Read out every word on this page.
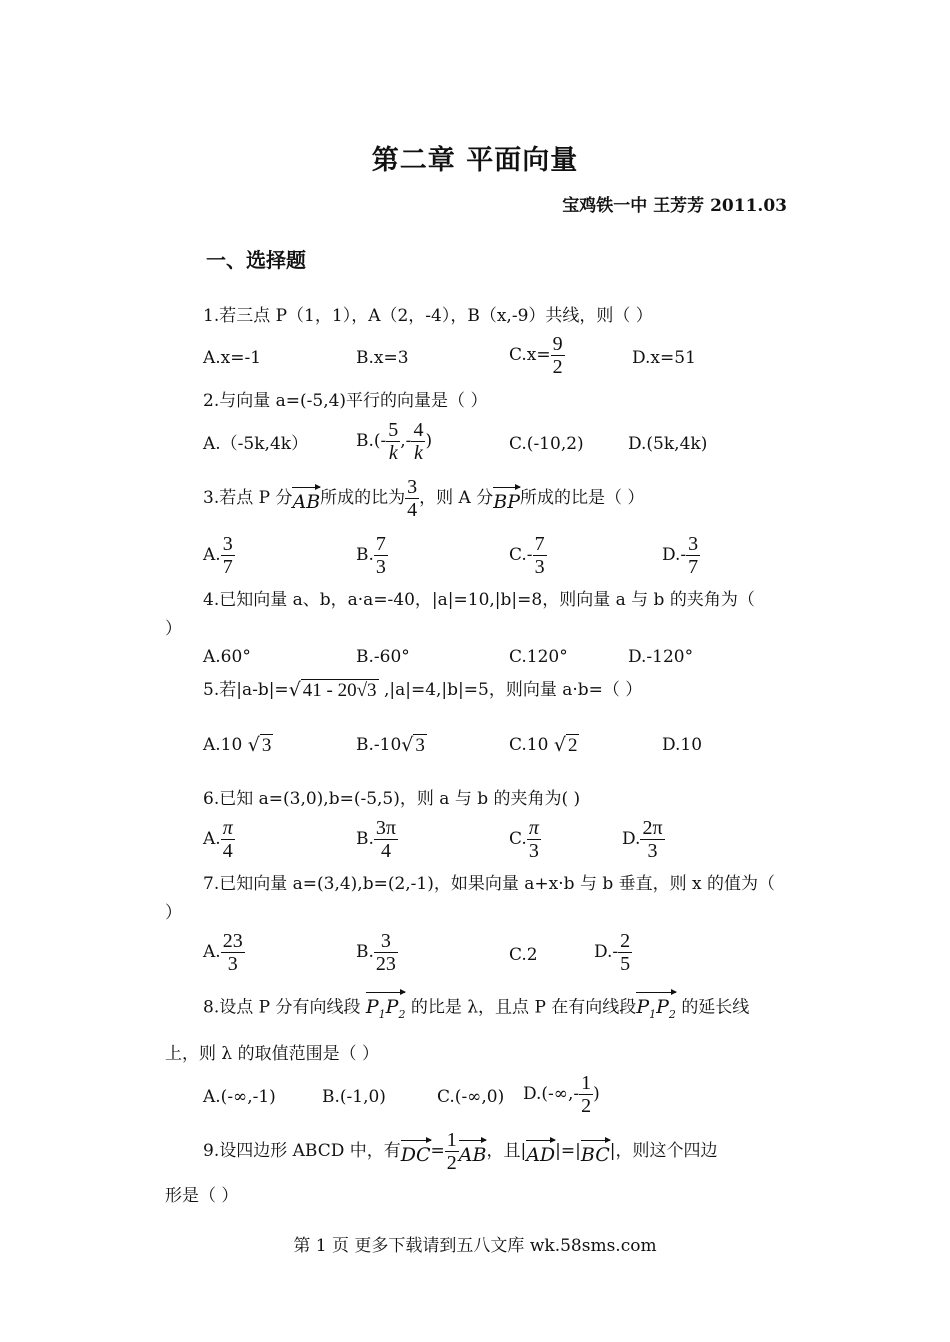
第二章 平面向量
宝鸡铁一中 王芳芳 2011.03
一、选择题
1.若三点 P（1，1），A（2，-4），B（x,-9）共线，则（ ）
A.x=-1	B.x=3	$C.x= \frac{9}{2}$	D.x=51
2.与向量 a=(-5,4)平行的向量是（ ）
A.（-5k,4k）	$B.(- \frac{5}{k}$ ,- $\frac{4}{k}$ )	C.(-10,2)	D.(5k,4k)
3.若点 P 分AB所成的比为 $\frac{3}{4}$ ，则 A 分BP所成的比是（ ）
A. $\frac{3}{7}$	B. $\frac{7}{3}$	$C.- \frac{7}{3}$	$D.- \frac{3}{7}$
4.已知向量 a、b，a·a=-40，|a|=10,|b|=8，则向量 a 与 b 的夹角为（
）
A.60°	B.-60°	C.120°	D.-120°
5.若|a-b|=√ 41 - 20√3 ,|a|=4,|b|=5，则向量 a·b=（ ）
A.10 √ 3	B.-10√ 3	C.10 √ 2	D.10
6.已知 a=(3,0),b=(-5,5)，则 a 与 b 的夹角为( )
A. $\frac{\pi}{4}$	B. $\frac{3\pi}{4}$	C. $\frac{\pi}{3}$	D. $\frac{2\pi}{3}$
7.已知向量 a=(3,4),b=(2,-1)，如果向量 a+x·b 与 b 垂直，则 x 的值为（
）
A. $\frac{23}{3}$	B. $\frac{3}{23}$	C.2	$D.- \frac{2}{5}$
8.设点 P 分有向线段 $P_1P_2$ 的比是 λ，且点 P 在有向线段$P_1P_2$ 的延长线
上，则 λ 的取值范围是（ ）
A.(-∞,-1)	B.(-1,0)	C.(-∞,0) $D.(-\infty,- \frac{1}{2}$ )
9.设四边形 ABCD 中，有$DC= \frac{1}{2}$ AB，且|AD|=|BC|，则这个四边
形是（ ）
第 1 页 更多下载请到五八文库 wk.58sms.com
